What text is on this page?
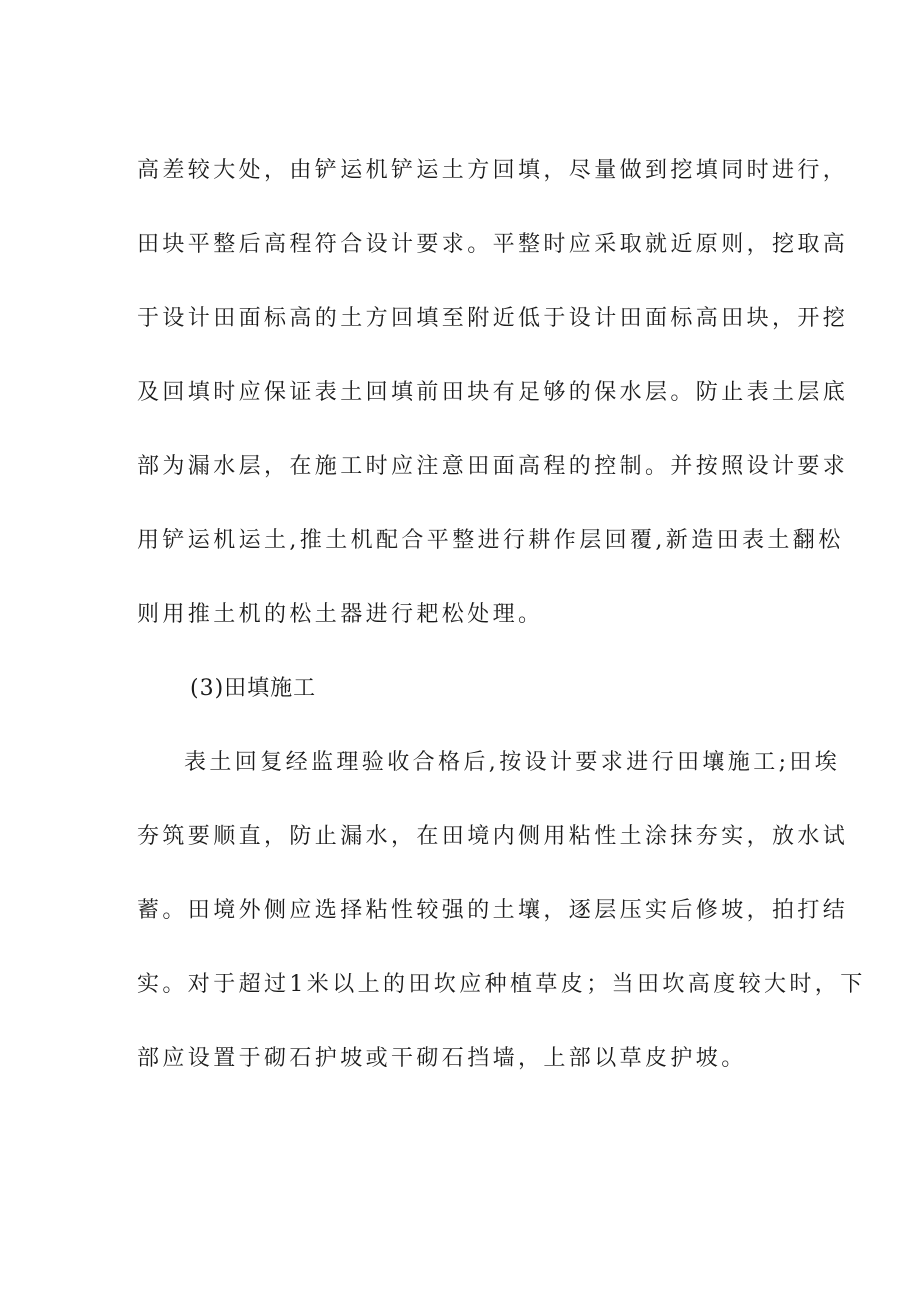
高差较大处，由铲运机铲运土方回填，尽量做到挖填同时进行，
田块平整后高程符合设计要求。平整时应采取就近原则，挖取高
于设计田面标高的土方回填至附近低于设计田面标高田块，开挖
及回填时应保证表土回填前田块有足够的保水层。防止表土层底
部为漏水层，在施工时应注意田面高程的控制。并按照设计要求
用铲运机运土,推土机配合平整进行耕作层回覆,新造田表土翻松
则用推土机的松土器进行耙松处理。
(3)田填施工
表土回复经监理验收合格后,按设计要求进行田壤施工;田埃
夯筑要顺直，防止漏水，在田境内侧用粘性土涂抹夯实，放水试
蓄。田境外侧应选择粘性较强的土壤，逐层压实后修坡，拍打结
实。对于超过1米以上的田坎应种植草皮；当田坎高度较大时，下
部应设置于砌石护坡或干砌石挡墙，上部以草皮护坡。
